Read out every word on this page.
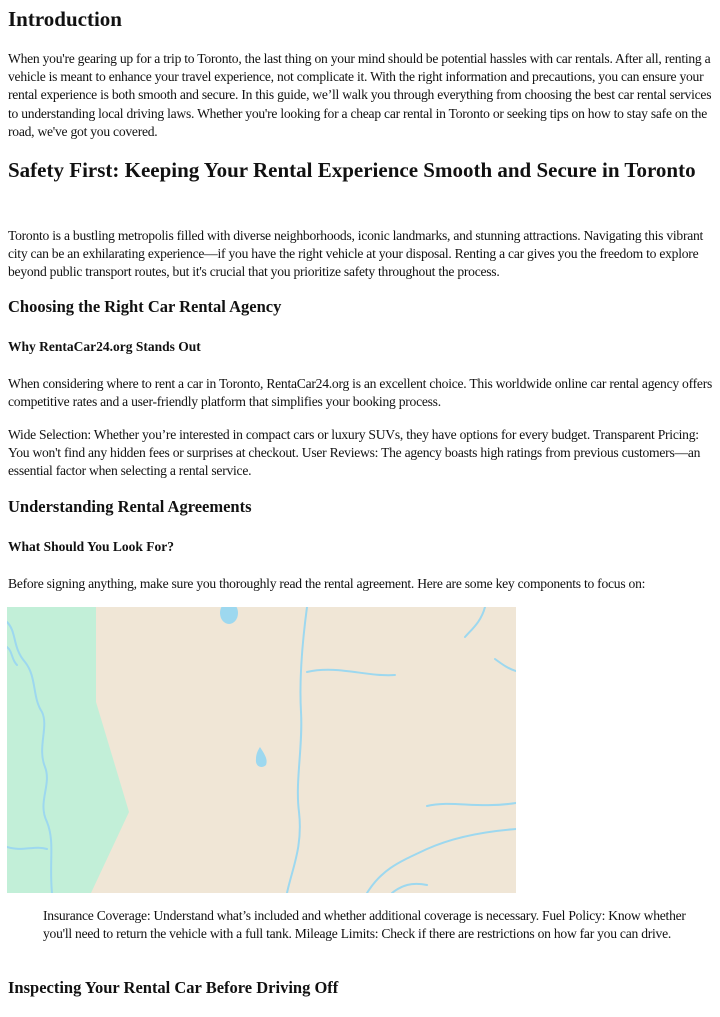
Introduction

When you're gearing up for a trip to Toronto, the last thing on your mind should be potential hassles with car rentals. After all, renting a vehicle is meant to enhance your travel experience, not complicate it. With the right information and precautions, you can ensure your rental experience is both smooth and secure. In this guide, we’ll walk you through everything from choosing the best car rental services to understanding local driving laws. Whether you're looking for a cheap car rental in Toronto or seeking tips on how to stay safe on the road, we've got you covered.

Safety First: Keeping Your Rental Experience Smooth and Secure in Toronto

Toronto is a bustling metropolis filled with diverse neighborhoods, iconic landmarks, and stunning attractions. Navigating this vibrant city can be an exhilarating experience—if you have the right vehicle at your disposal. Renting a car gives you the freedom to explore beyond public transport routes, but it's crucial that you prioritize safety throughout the process.

Choosing the Right Car Rental Agency
Why RentaCar24.org Stands Out

When considering where to rent a car in Toronto, RentaCar24.org is an excellent choice. This worldwide online car rental agency offers competitive rates and a user-friendly platform that simplifies your booking process.

Wide Selection: Whether you’re interested in compact cars or luxury SUVs, they have options for every budget. Transparent Pricing: You won't find any hidden fees or surprises at checkout. User Reviews: The agency boasts high ratings from previous customers—an essential factor when selecting a rental service.

Understanding Rental Agreements
What Should You Look For?

Before signing anything, make sure you thoroughly read the rental agreement. Here are some key components to focus on:

Insurance Coverage: Understand what’s included and whether additional coverage is necessary. Fuel Policy: Know whether you'll need to return the vehicle with a full tank. Mileage Limits: Check if there are restrictions on how far you can drive.

Inspecting Your Rental Car Before Driving Off
